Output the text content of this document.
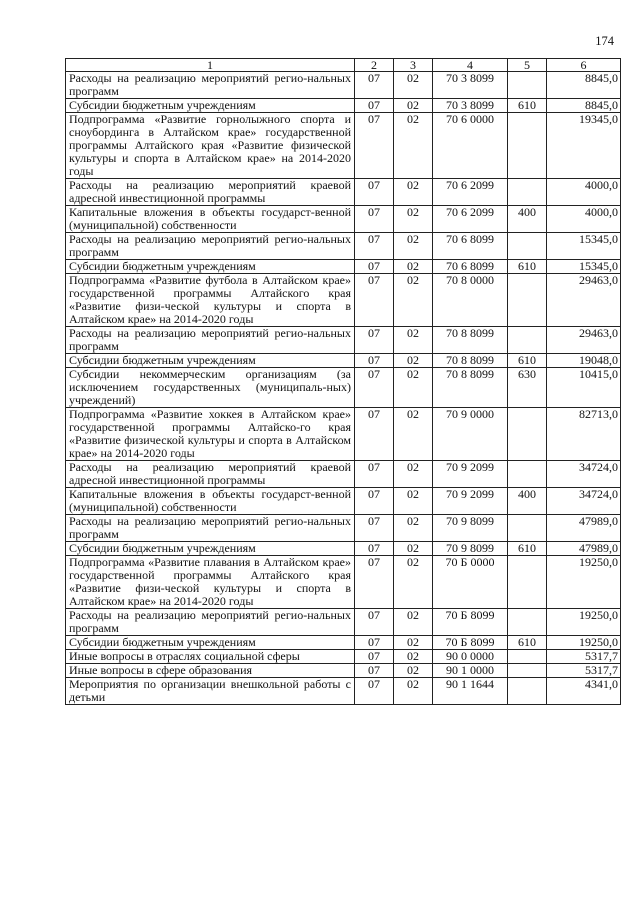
174
1	2	3	4	5	6
Расходы на реализацию мероприятий регио-нальных программ	07	02	70 3 8099		8845,0
Субсидии бюджетным учреждениям	07	02	70 3 8099	610	8845,0
Подпрограмма «Развитие горнолыжного спорта и сноубординга в Алтайском крае» государственной программы Алтайского края «Развитие физической культуры и спорта в Алтайском крае» на 2014-2020 годы	07	02	70 6 0000		19345,0
Расходы на реализацию мероприятий краевой адресной инвестиционной программы	07	02	70 6 2099		4000,0
Капитальные вложения в объекты государст-венной (муниципальной) собственности	07	02	70 6 2099	400	4000,0
Расходы на реализацию мероприятий регио-нальных программ	07	02	70 6 8099		15345,0
Субсидии бюджетным учреждениям	07	02	70 6 8099	610	15345,0
Подпрограмма «Развитие футбола в Алтайском крае» государственной программы Алтайского края «Развитие физи-ческой культуры и спорта в Алтайском крае» на 2014-2020 годы	07	02	70 8 0000		29463,0
Расходы на реализацию мероприятий регио-нальных программ	07	02	70 8 8099		29463,0
Субсидии бюджетным учреждениям	07	02	70 8 8099	610	19048,0
Субсидии некоммерческим организациям (за исключением государственных (муниципаль-ных) учреждений)	07	02	70 8 8099	630	10415,0
Подпрограмма «Развитие хоккея в Алтайском крае» государственной программы Алтайско-го края «Развитие физической культуры и спорта в Алтайском крае» на 2014-2020 годы	07	02	70 9 0000		82713,0
Расходы на реализацию мероприятий краевой адресной инвестиционной программы	07	02	70 9 2099		34724,0
Капитальные вложения в объекты государст-венной (муниципальной) собственности	07	02	70 9 2099	400	34724,0
Расходы на реализацию мероприятий регио-нальных программ	07	02	70 9 8099		47989,0
Субсидии бюджетным учреждениям	07	02	70 9 8099	610	47989,0
Подпрограмма «Развитие плавания в Алтайском крае» государственной программы Алтайского края «Развитие физи-ческой культуры и спорта в Алтайском крае» на 2014-2020 годы	07	02	70 Б 0000		19250,0
Расходы на реализацию мероприятий регио-нальных программ	07	02	70 Б 8099		19250,0
Субсидии бюджетным учреждениям	07	02	70 Б 8099	610	19250,0
Иные вопросы в отраслях социальной сферы	07	02	90 0 0000		5317,7
Иные вопросы в сфере образования	07	02	90 1 0000		5317,7
Мероприятия по организации внешкольной работы с детьми	07	02	90 1 1644		4341,0
